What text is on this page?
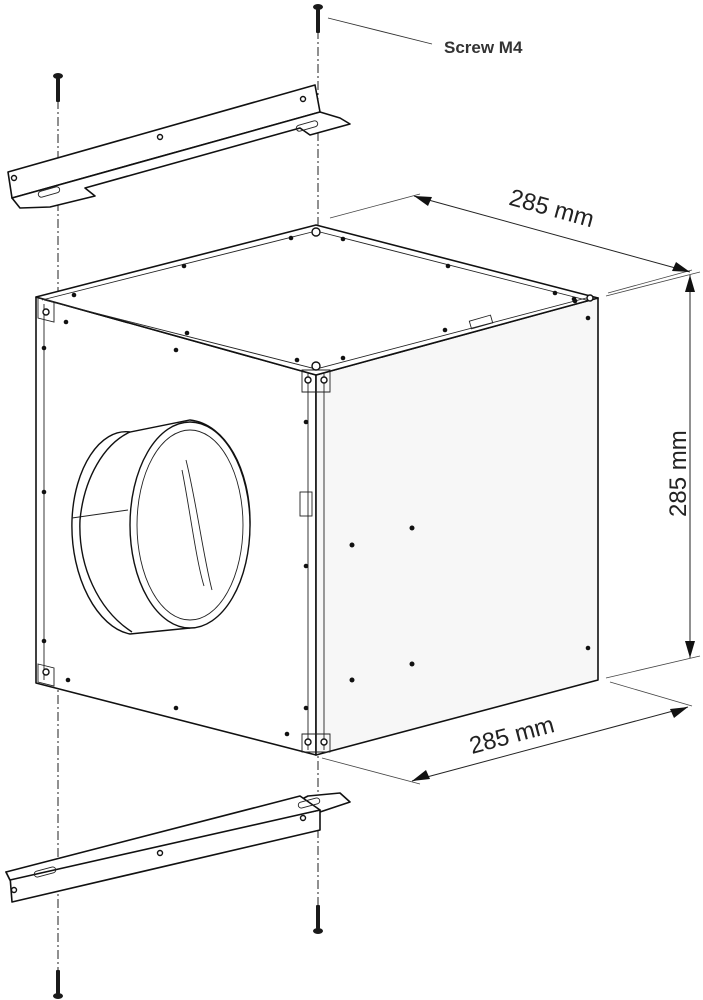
Screw M4
285 mm
285 mm
285 mm
